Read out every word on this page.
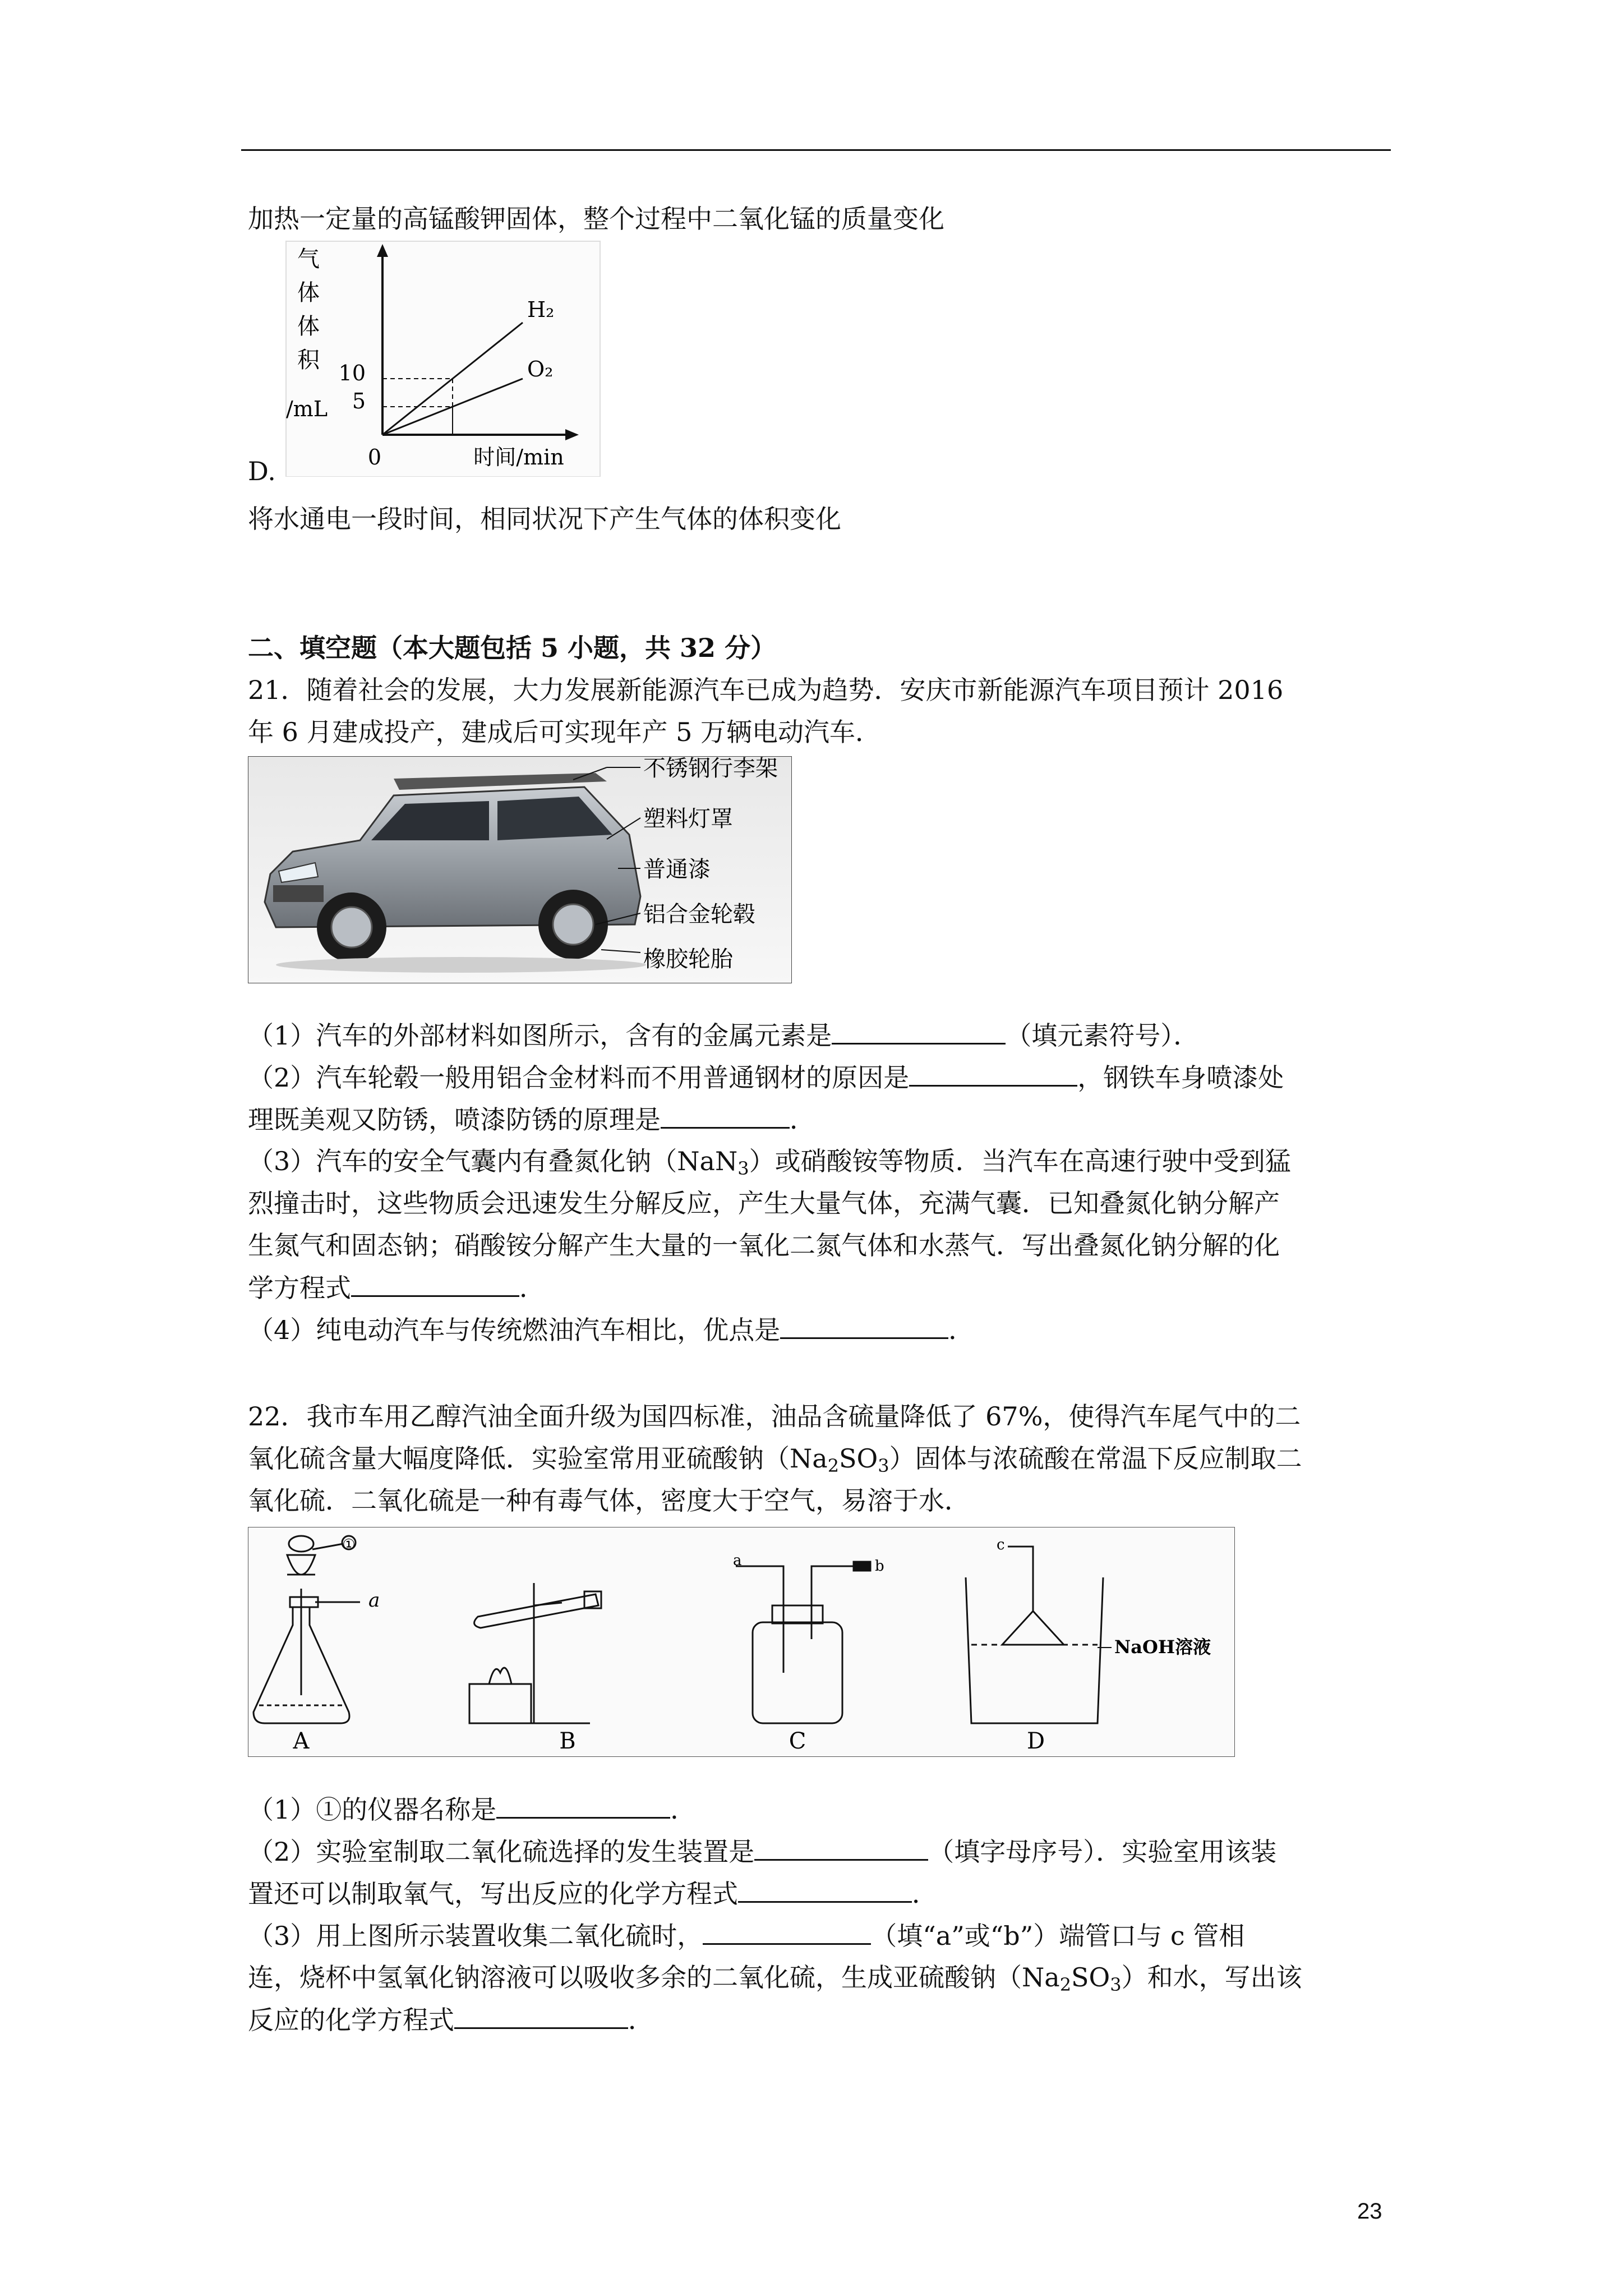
加热一定量的高锰酸钾固体，整个过程中二氧化锰的质量变化
气
体
体
积
H₂
O₂
10
5
/mL
0	时间/min
D.
将水通电一段时间，相同状况下产生气体的体积变化
二、填空题（本大题包括 5 小题，共 32 分）
21．随着社会的发展，大力发展新能源汽车已成为趋势．安庆市新能源汽车项目预计 2016
年 6 月建成投产，建成后可实现年产 5 万辆电动汽车．
不锈钢行李架
塑料灯罩
普通漆
铝合金轮毂
橡胶轮胎
（1）汽车的外部材料如图所示，含有的金属元素是	（填元素符号）．
（2）汽车轮毂一般用铝合金材料而不用普通钢材的原因是	，钢铁车身喷漆处
理既美观又防锈，喷漆防锈的原理是	．
（3）汽车的安全气囊内有叠氮化钠（NaN$_3$）或硝酸铵等物质．当汽车在高速行驶中受到猛
烈撞击时，这些物质会迅速发生分解反应，产生大量气体，充满气囊．已知叠氮化钠分解产
生氮气和固态钠；硝酸铵分解产生大量的一氧化二氮气体和水蒸气．写出叠氮化钠分解的化
学方程式	．
（4）纯电动汽车与传统燃油汽车相比，优点是	．
22．我市车用乙醇汽油全面升级为国四标准，油品含硫量降低了 67%，使得汽车尾气中的二
氧化硫含量大幅度降低．实验室常用亚硫酸钠$(Na_2SO_3)$固体与浓硫酸在常温下反应制取二
氧化硫．二氧化硫是一种有毒气体，密度大于空气，易溶于水．
①
a
A	B
a	b
C
c
NaOH溶液
D
（1）①的仪器名称是	．
（2）实验室制取二氧化硫选择的发生装置是	（填字母序号）．实验室用该装
置还可以制取氧气，写出反应的化学方程式	．
（3）用上图所示装置收集二氧化硫时，	（填“a”或“b”）端管口与 c 管相
连，烧杯中氢氧化钠溶液可以吸收多余的二氧化硫，生成亚硫酸钠$(Na_2SO_3)$和水，写出该
反应的化学方程式	．
23
